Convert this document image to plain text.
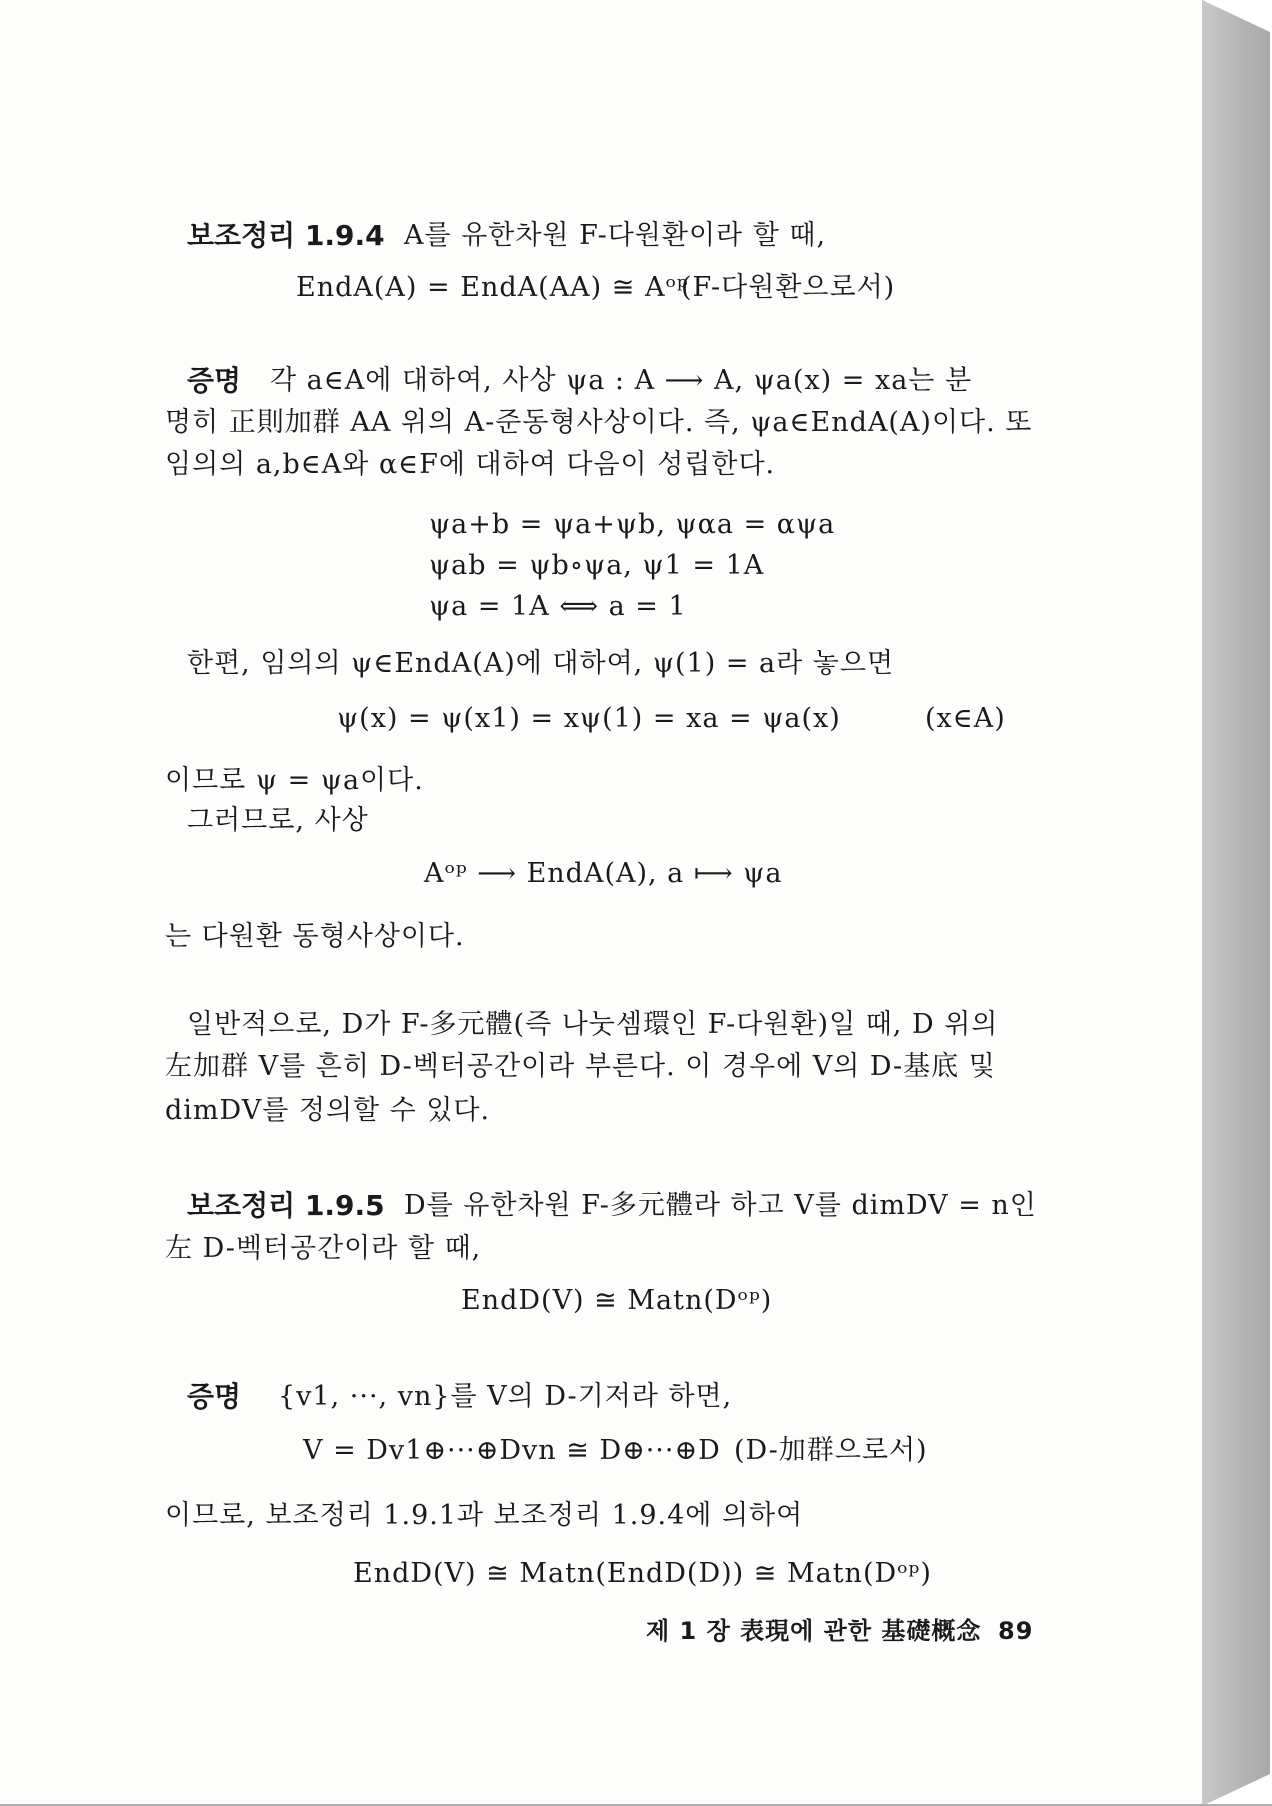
보조정리 1.9.4 A를 유한차원 F-다원환이라 할 때,
EndA(A) = EndA(AA) ≅ Aᵒᵖ
(F-다원환으로서)
증명 각 a∈A에 대하여, 사상 ψa : A ⟶ A, ψa(x) = xa는 분
명히 正則加群 AA 위의 A-준동형사상이다. 즉, ψa∈EndA(A)이다. 또
임의의 a,b∈A와 α∈F에 대하여 다음이 성립한다.
ψa+b = ψa+ψb, ψαa = αψa
ψab = ψb∘ψa, ψ1 = 1A
ψa = 1A ⟺ a = 1
한편, 임의의 ψ∈EndA(A)에 대하여, ψ(1) = a라 놓으면
ψ(x) = ψ(x1) = xψ(1) = xa = ψa(x)	(x∈A)
이므로 ψ = ψa이다.
그러므로, 사상
Aᵒᵖ ⟶ EndA(A), a ⟼ ψa
는 다원환 동형사상이다.
일반적으로, D가 F-多元體(즉 나눗셈環인 F-다원환)일 때, D 위의
左加群 V를 흔히 D-벡터공간이라 부른다. 이 경우에 V의 D-基底 및
dimDV를 정의할 수 있다.
보조정리 1.9.5 D를 유한차원 F-多元體라 하고 V를 dimDV = n인
左 D-벡터공간이라 할 때,
EndD(V) ≅ Matn(Dᵒᵖ)
증명 {v1, ···, vn}를 V의 D-기저라 하면,
V = Dv1⊕···⊕Dvn ≅ D⊕···⊕D (D-加群으로서)
이므로, 보조정리 1.9.1과 보조정리 1.9.4에 의하여
EndD(V) ≅ Matn(EndD(D)) ≅ Matn(Dᵒᵖ)
제 1 장 表現에 관한 基礎概念 89
